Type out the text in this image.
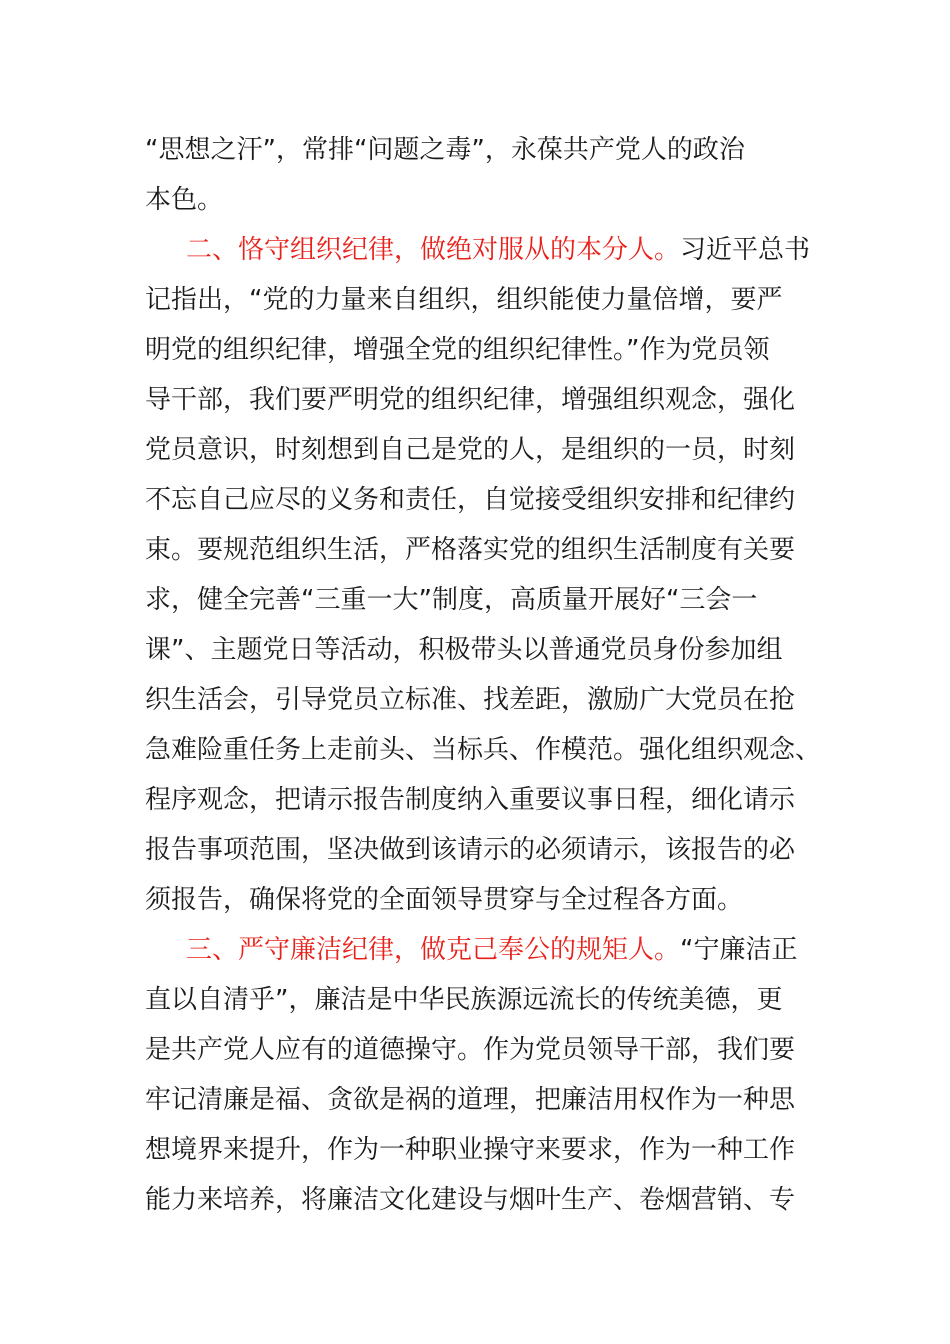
“思想之汗”，常排“问题之毒”，永葆共产党人的政治
本色。
二、恪守组织纪律，做绝对服从的本分人。习近平总书
记指出，“党的力量来自组织，组织能使力量倍增，要严
明党的组织纪律，增强全党的组织纪律性。”作为党员领
导干部，我们要严明党的组织纪律，增强组织观念，强化
党员意识，时刻想到自己是党的人，是组织的一员，时刻
不忘自己应尽的义务和责任，自觉接受组织安排和纪律约
束。要规范组织生活，严格落实党的组织生活制度有关要
求，健全完善“三重一大”制度，高质量开展好“三会一
课”、主题党日等活动，积极带头以普通党员身份参加组
织生活会，引导党员立标准、找差距，激励广大党员在抢
急难险重任务上走前头、当标兵、作模范。强化组织观念、
程序观念，把请示报告制度纳入重要议事日程，细化请示
报告事项范围，坚决做到该请示的必须请示，该报告的必
须报告，确保将党的全面领导贯穿与全过程各方面。
三、严守廉洁纪律，做克己奉公的规矩人。“宁廉洁正
直以自清乎”，廉洁是中华民族源远流长的传统美德，更
是共产党人应有的道德操守。作为党员领导干部，我们要
牢记清廉是福、贪欲是祸的道理，把廉洁用权作为一种思
想境界来提升，作为一种职业操守来要求，作为一种工作
能力来培养，将廉洁文化建设与烟叶生产、卷烟营销、专
